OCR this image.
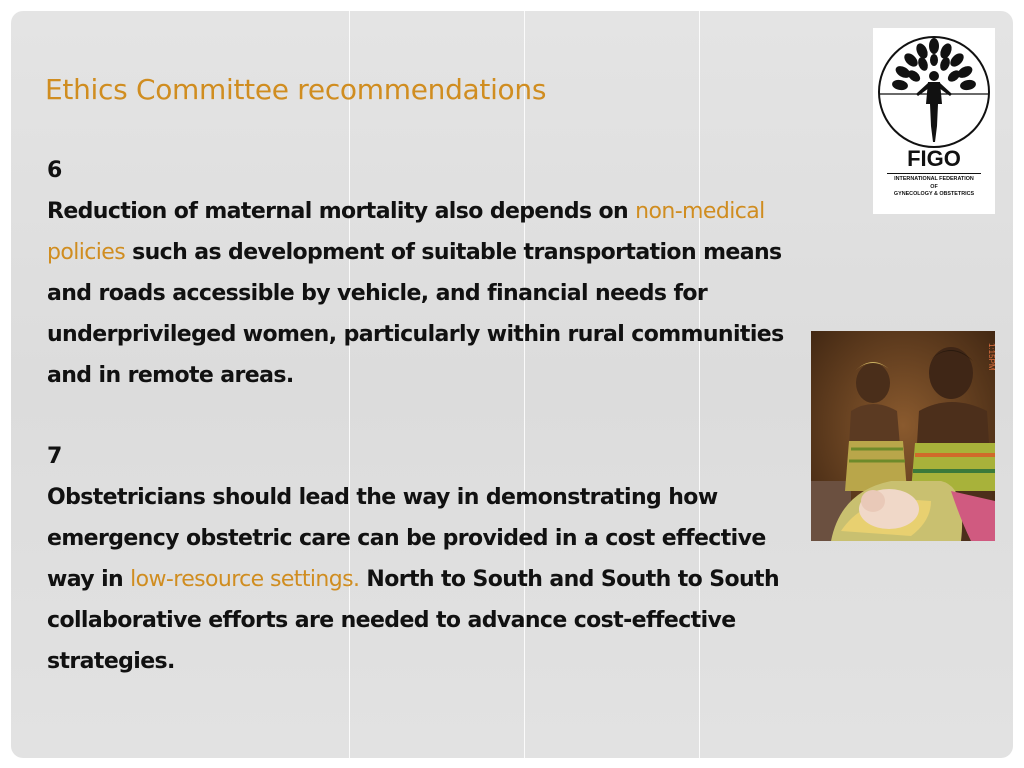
Ethics Committee recommendations

6

Reduction of maternal mortality also depends on non-medical policies such as development of suitable transportation means and roads accessible by vehicle, and financial needs for underprivileged women, particularly within rural communities and in remote areas.

7

Obstetricians should lead the way in demonstrating how emergency obstetric care can be provided in a cost effective way in low-resource settings. North to South and South to South collaborative efforts are needed to advance cost-effective strategies.

FIGO
INTERNATIONAL FEDERATION
OF
GYNECOLOGY & OBSTETRICS
1:15PM
